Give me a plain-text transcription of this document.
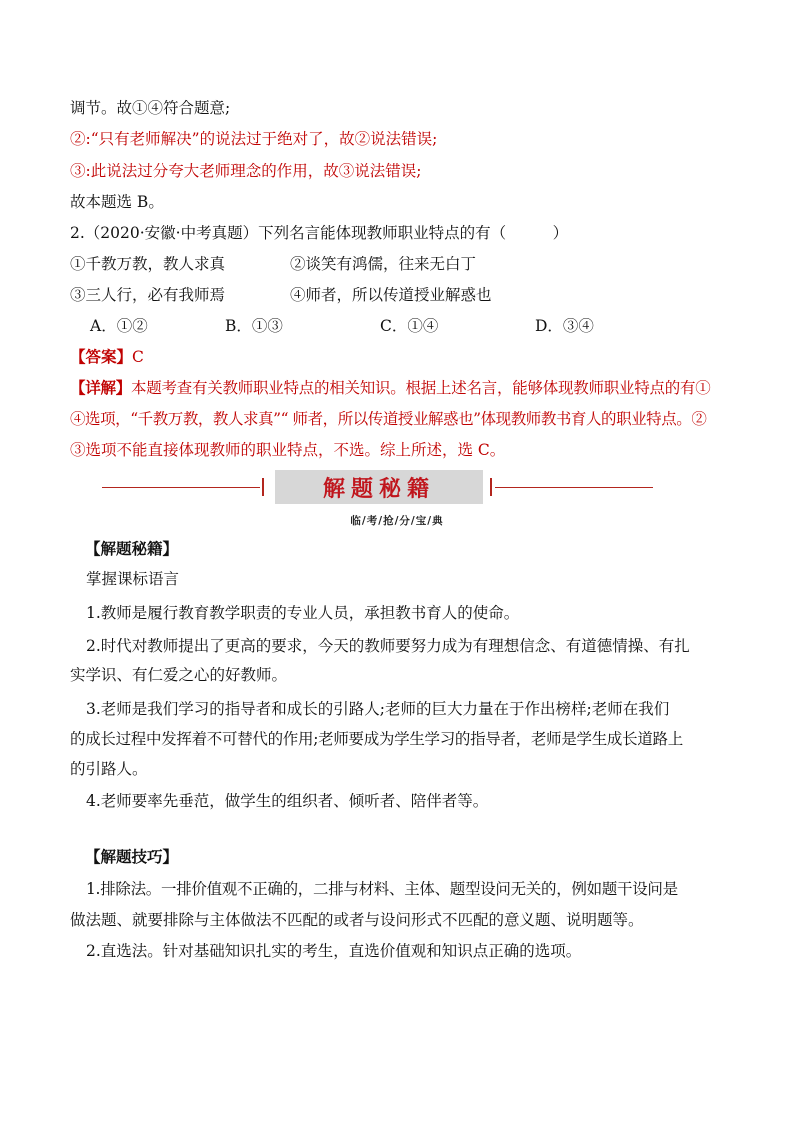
调节。故①④符合题意;
②:“只有老师解决”的说法过于绝对了，故②说法错误;
③:此说法过分夸大老师理念的作用，故③说法错误;
故本题选 B。
2.（2020·安徽·中考真题）下列名言能体现教师职业特点的有（　　　）
①千教万教，教人求真	②谈笑有鸿儒，往来无白丁
③三人行，必有我师焉	④师者，所以传道授业解惑也
A．①②	B．①③	C．①④	D．③④
【答案】C
【详解】本题考查有关教师职业特点的相关知识。根据上述名言，能够体现教师职业特点的有①
④选项，“千教万教，教人求真”“ 师者，所以传道授业解惑也”体现教师教书育人的职业特点。②
③选项不能直接体现教师的职业特点，不选。综上所述，选 C。
解题秘籍
临/考/抢/分/宝/典
【解题秘籍】
掌握课标语言
1.教师是履行教育教学职责的专业人员，承担教书育人的使命。
2.时代对教师提出了更高的要求，今天的教师要努力成为有理想信念、有道德情操、有扎
实学识、有仁爱之心的好教师。
3.老师是我们学习的指导者和成长的引路人;老师的巨大力量在于作出榜样;老师在我们
的成长过程中发挥着不可替代的作用;老师要成为学生学习的指导者，老师是学生成长道路上
的引路人。
4.老师要率先垂范，做学生的组织者、倾听者、陪伴者等。
【解题技巧】
1.排除法。一排价值观不正确的，二排与材料、主体、题型设问无关的，例如题干设问是
做法题、就要排除与主体做法不匹配的或者与设问形式不匹配的意义题、说明题等。
2.直选法。针对基础知识扎实的考生，直选价值观和知识点正确的选项。
